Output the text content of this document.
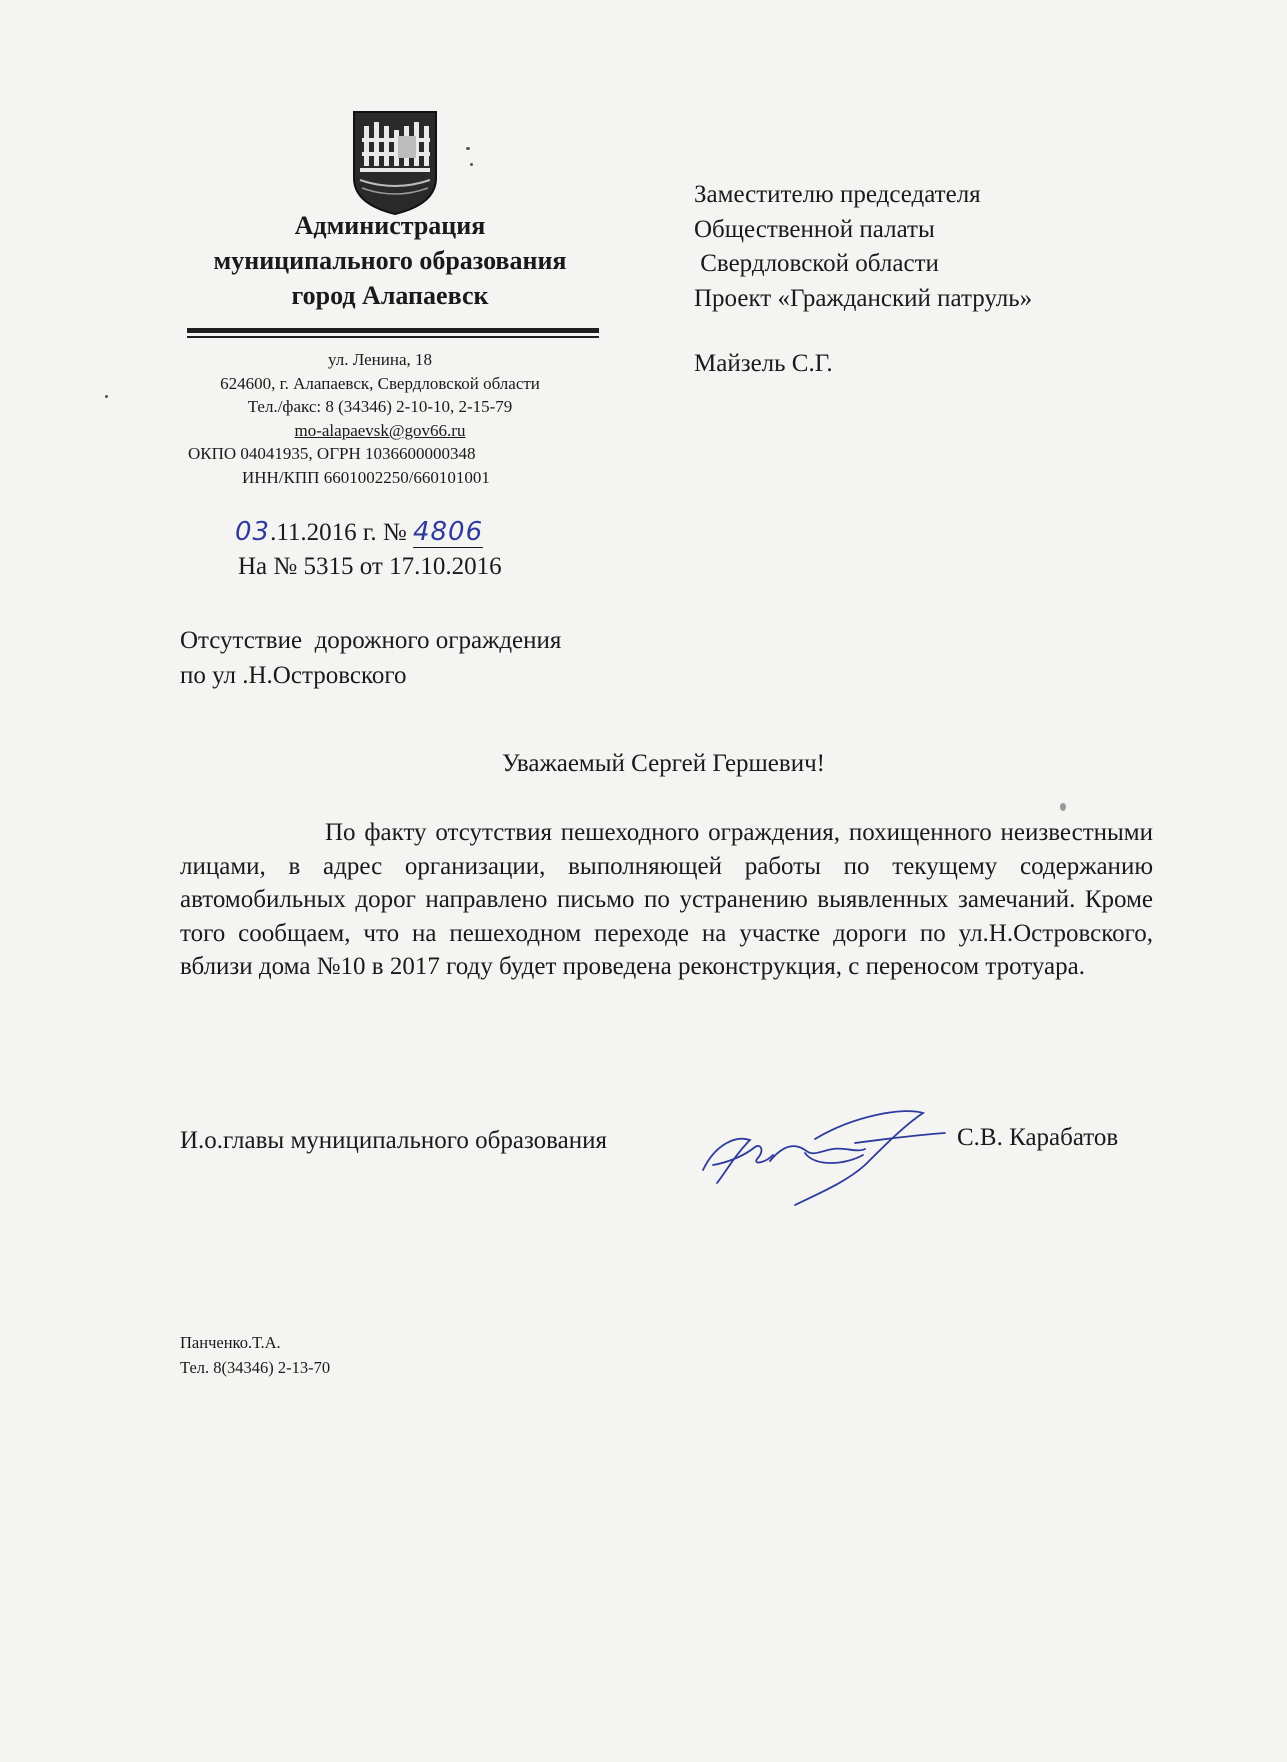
Администрация
муниципального образования
город Алапаевск
ул. Ленина, 18
624600, г. Алапаевск, Свердловской области
Тел./факс: 8 (34346) 2-10-10, 2-15-79
mo-alapaevsk@gov66.ru
ОКПО 04041935, ОГРН 1036600000348
ИНН/КПП 6601002250/660101001
03.11.2016 г. № 4806
На № 5315 от 17.10.2016
Заместителю председателя
Общественной палаты
Свердловской области
Проект «Гражданский патруль»
Майзель С.Г.
Отсутствие  дорожного ограждения
по ул .Н.Островского
Уважаемый Сергей Гершевич!

По факту отсутствия пешеходного ограждения, похищенного неизвестными лицами, в адрес организации, выполняющей работы по текущему содержанию автомобильных дорог направлено письмо по устранению выявленных замечаний. Кроме того сообщаем, что на пешеходном переходе на участке дороги по ул.Н.Островского, вблизи дома №10 в 2017 году будет проведена реконструкция, с переносом тротуара.

И.о.главы муниципального образования	С.В. Карабатов
Панченко.Т.А.
Тел. 8(34346) 2-13-70
